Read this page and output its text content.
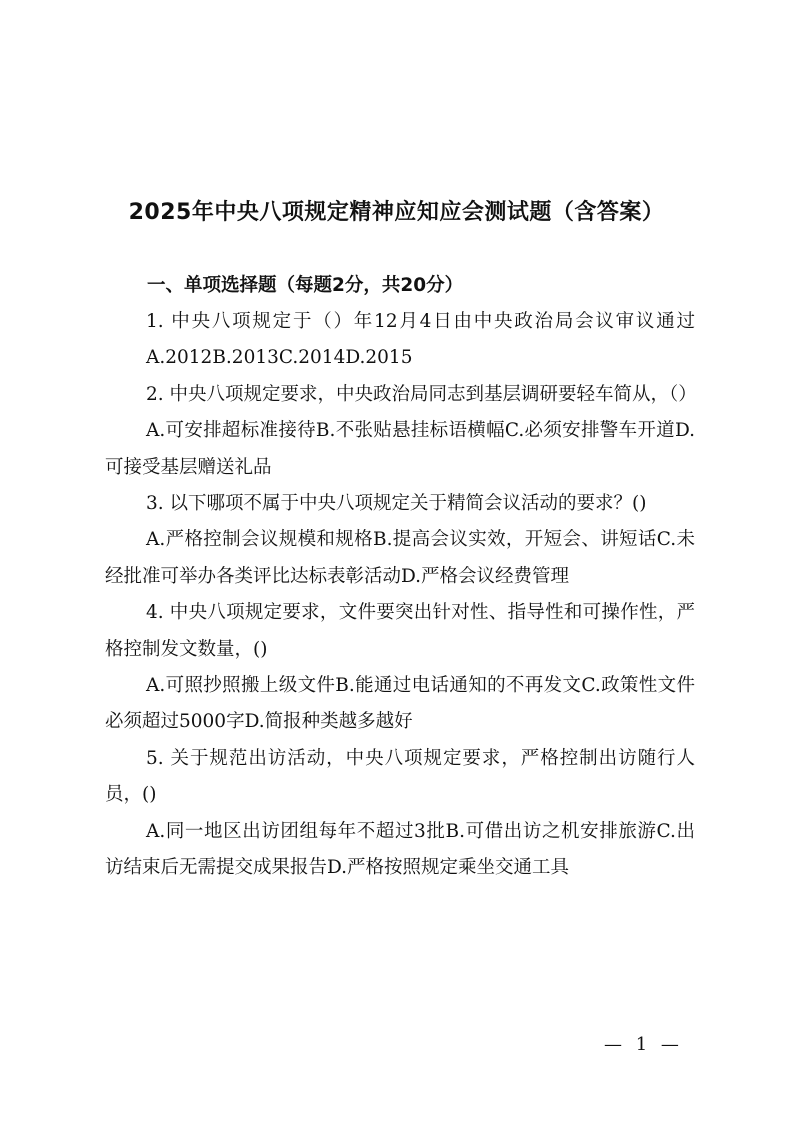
2025年中央八项规定精神应知应会测试题（含答案）
一、单项选择题（每题2分，共20分）

1. 中央八项规定于（）年12月4日由中央政治局会议审议通过

A.2012B.2013C.2014D.2015

2. 中央八项规定要求，中央政治局同志到基层调研要轻车简从，（）

A.可安排超标准接待B.不张贴悬挂标语横幅C.必须安排警车开道D.可接受基层赠送礼品

3. 以下哪项不属于中央八项规定关于精简会议活动的要求？()

A.严格控制会议规模和规格B.提高会议实效，开短会、讲短话C.未经批准可举办各类评比达标表彰活动D.严格会议经费管理

4. 中央八项规定要求，文件要突出针对性、指导性和可操作性，严格控制发文数量，()

A.可照抄照搬上级文件B.能通过电话通知的不再发文C.政策性文件必须超过5000字D.简报种类越多越好

5. 关于规范出访活动，中央八项规定要求，严格控制出访随行人员，()

A.同一地区出访团组每年不超过3批B.可借出访之机安排旅游C.出访结束后无需提交成果报告D.严格按照规定乘坐交通工具

— 1 —
